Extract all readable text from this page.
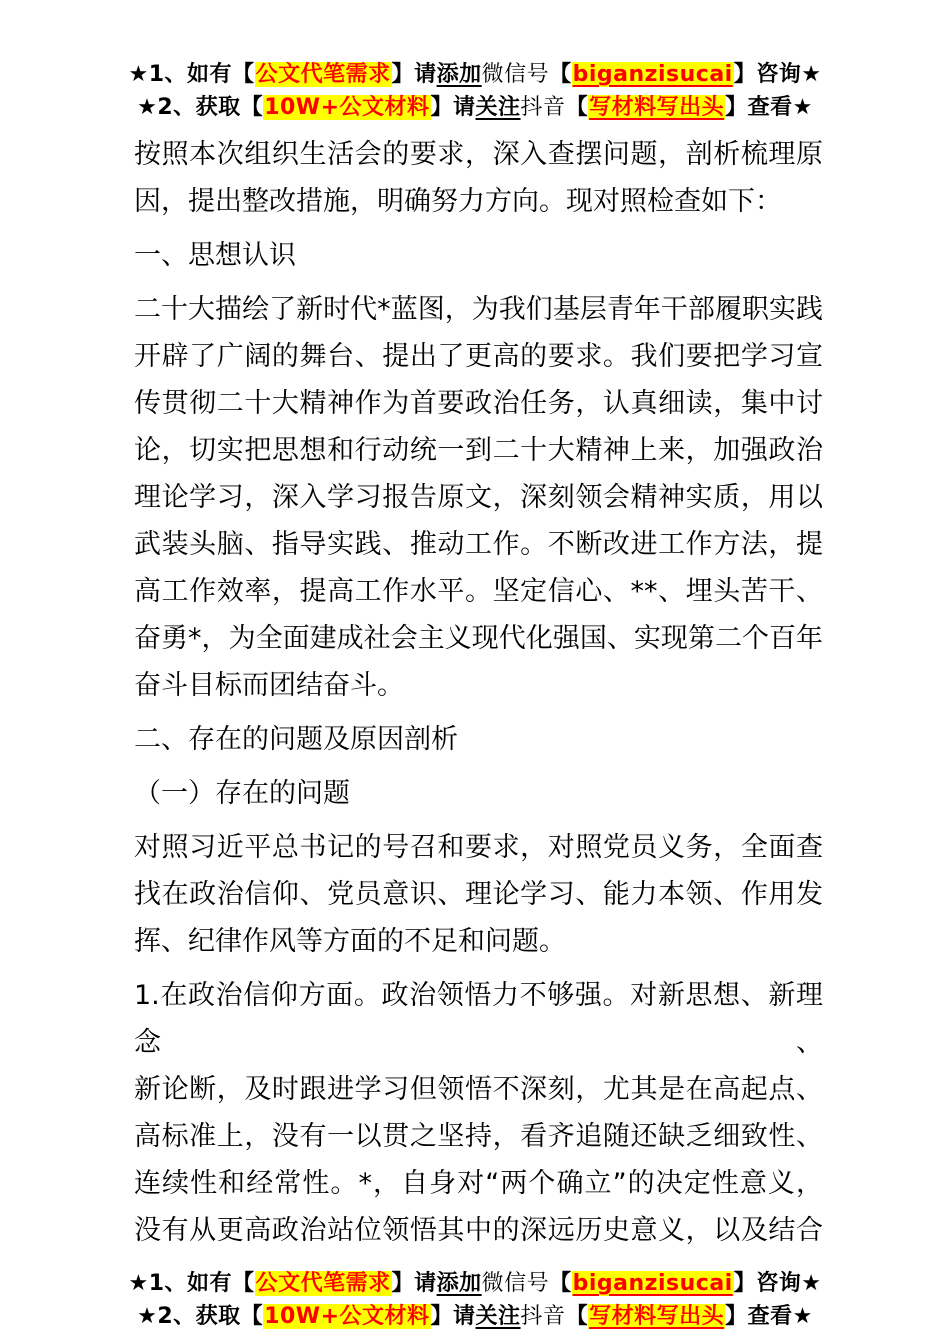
★1、如有【公文代笔需求】请添加微信号【biganzisucai】咨询★
★2、获取【10W+公文材料】请关注抖音【写材料写出头】查看★
按照本次组织生活会的要求，深入查摆问题，剖析梳理原
因，提出整改措施，明确努力方向。现对照检查如下：
一、思想认识
二十大描绘了新时代*蓝图，为我们基层青年干部履职实践
开辟了广阔的舞台、提出了更高的要求。我们要把学习宣
传贯彻二十大精神作为首要政治任务，认真细读，集中讨
论，切实把思想和行动统一到二十大精神上来，加强政治
理论学习，深入学习报告原文，深刻领会精神实质，用以
武装头脑、指导实践、推动工作。不断改进工作方法，提
高工作效率，提高工作水平。坚定信心、**、埋头苦干、
奋勇*，为全面建成社会主义现代化强国、实现第二个百年
奋斗目标而团结奋斗。
二、存在的问题及原因剖析
（一）存在的问题
对照习近平总书记的号召和要求，对照党员义务，全面查
找在政治信仰、党员意识、理论学习、能力本领、作用发
挥、纪律作风等方面的不足和问题。
1.在政治信仰方面。政治领悟力不够强。对新思想、新理念、
新论断，及时跟进学习但领悟不深刻，尤其是在高起点、
高标准上，没有一以贯之坚持，看齐追随还缺乏细致性、
连续性和经常性。*，自身对“两个确立”的决定性意义，
没有从更高政治站位领悟其中的深远历史意义，以及结合
★1、如有【公文代笔需求】请添加微信号【biganzisucai】咨询★
★2、获取【10W+公文材料】请关注抖音【写材料写出头】查看★
